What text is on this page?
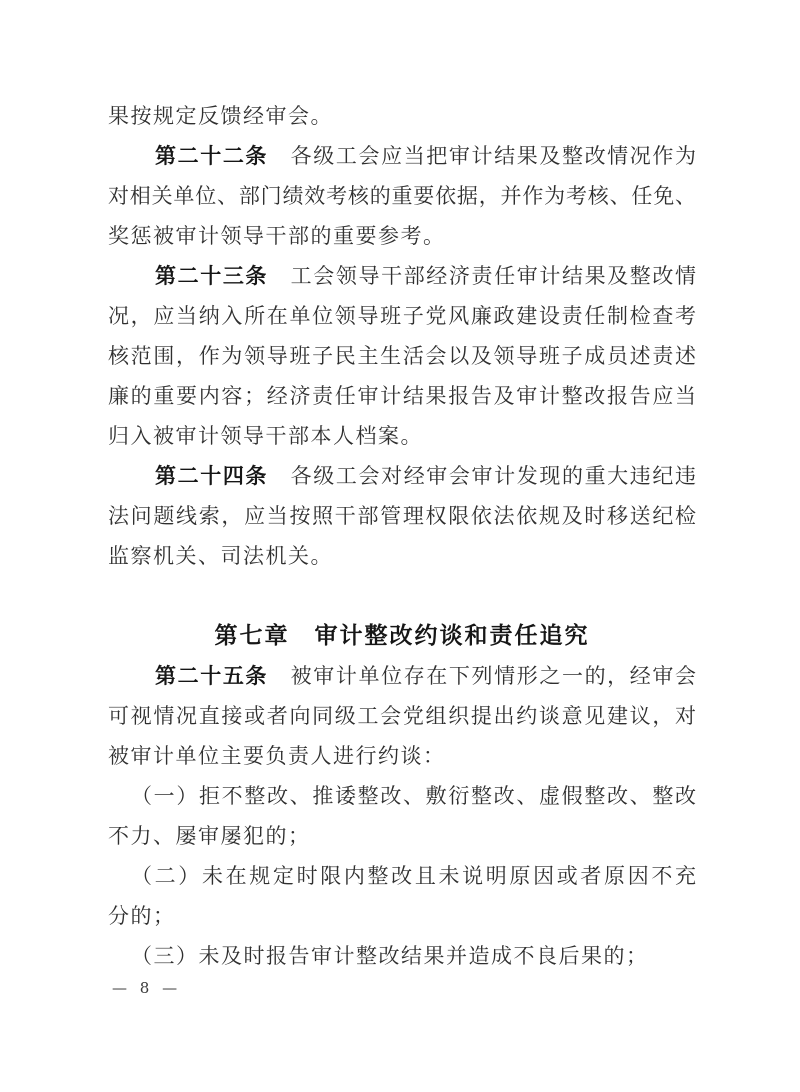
果按规定反馈经审会。
第二十二条　各级工会应当把审计结果及整改情况作为
对相关单位、部门绩效考核的重要依据，并作为考核、任免、
奖惩被审计领导干部的重要参考。
第二十三条　工会领导干部经济责任审计结果及整改情
况，应当纳入所在单位领导班子党风廉政建设责任制检查考
核范围，作为领导班子民主生活会以及领导班子成员述责述
廉的重要内容；经济责任审计结果报告及审计整改报告应当
归入被审计领导干部本人档案。
第二十四条　各级工会对经审会审计发现的重大违纪违
法问题线索，应当按照干部管理权限依法依规及时移送纪检
监察机关、司法机关。
第七章　审计整改约谈和责任追究
第二十五条　被审计单位存在下列情形之一的，经审会
可视情况直接或者向同级工会党组织提出约谈意见建议，对
被审计单位主要负责人进行约谈：
（一）拒不整改、推诿整改、敷衍整改、虚假整改、整改
不力、屡审屡犯的；
（二）未在规定时限内整改且未说明原因或者原因不充
分的；
（三）未及时报告审计整改结果并造成不良后果的；
— 8 —
